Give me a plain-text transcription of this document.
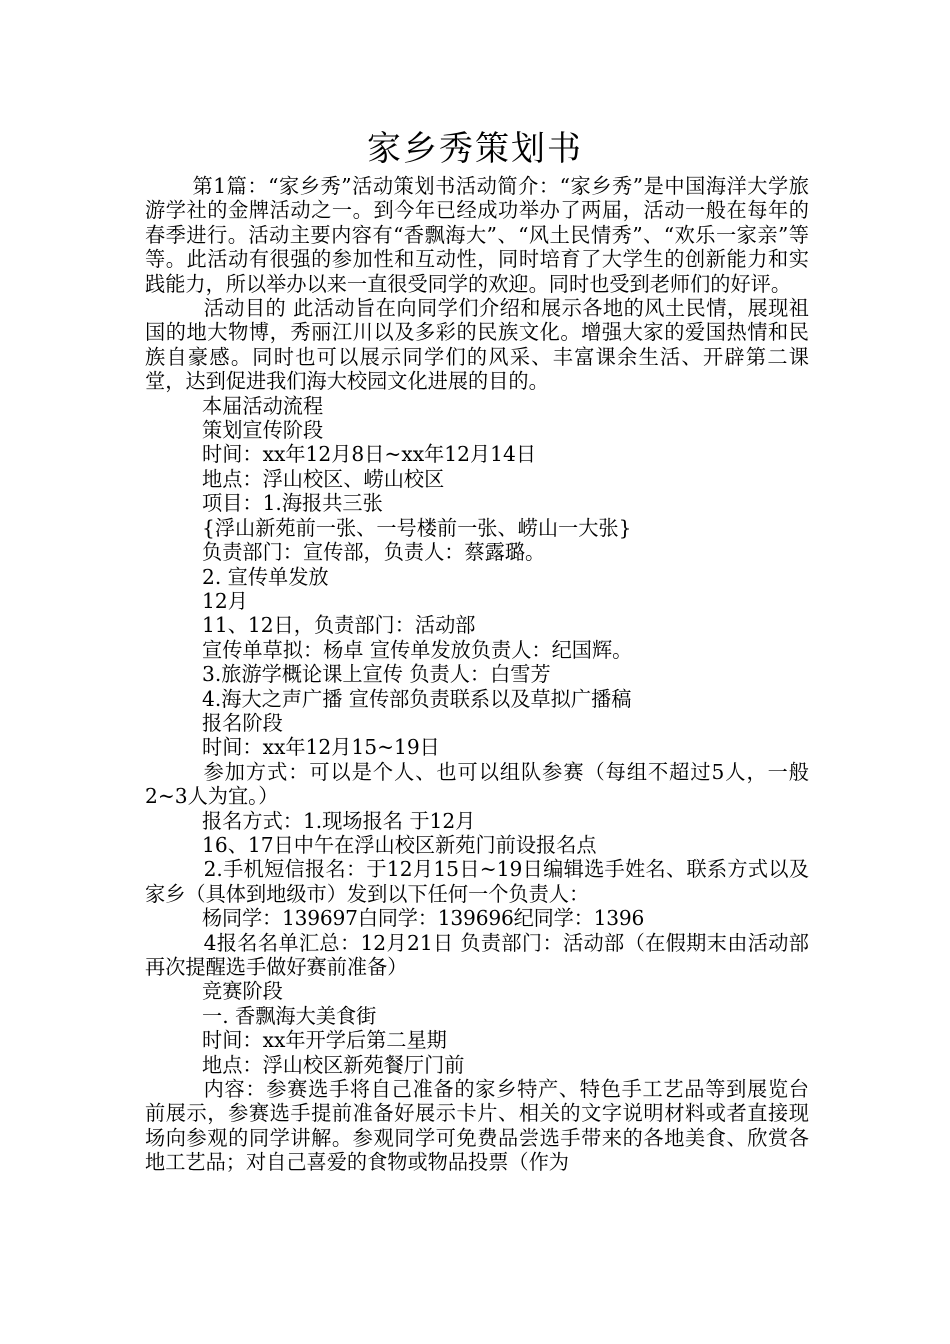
家乡秀策划书

第1篇：“家乡秀”活动策划书活动简介：“家乡秀”是中国海洋大学旅游学社的金牌活动之一。到今年已经成功举办了两届，活动一般在每年的春季进行。活动主要内容有“香飘海大”、“风土民情秀”、“欢乐一家亲”等等。此活动有很强的参加性和互动性，同时培育了大学生的创新能力和实践能力，所以举办以来一直很受同学的欢迎。同时也受到老师们的好评。

活动目的 此活动旨在向同学们介绍和展示各地的风土民情，展现祖国的地大物博，秀丽江川以及多彩的民族文化。增强大家的爱国热情和民族自豪感。同时也可以展示同学们的风采、丰富课余生活、开辟第二课堂，达到促进我们海大校园文化进展的目的。

本届活动流程

策划宣传阶段

时间：xx年12月8日~xx年12月14日

地点：浮山校区、崂山校区

项目：1.海报共三张

{浮山新苑前一张、一号楼前一张、崂山一大张}

负责部门：宣传部，负责人：蔡露璐。

2. 宣传单发放

12月

11、12日，负责部门：活动部

宣传单草拟：杨卓 宣传单发放负责人：纪国辉。

3.旅游学概论课上宣传 负责人：白雪芳

4.海大之声广播 宣传部负责联系以及草拟广播稿

报名阶段

时间：xx年12月15~19日

参加方式：可以是个人、也可以组队参赛（每组不超过5人，一般2~3人为宜。）

报名方式：1.现场报名 于12月

16、17日中午在浮山校区新苑门前设报名点

2.手机短信报名：于12月15日~19日编辑选手姓名、联系方式以及家乡（具体到地级市）发到以下任何一个负责人：

杨同学：139697白同学：139696纪同学：1396

4报名名单汇总：12月21日 负责部门：活动部（在假期末由活动部再次提醒选手做好赛前准备）

竞赛阶段

一. 香飘海大美食街

时间：xx年开学后第二星期

地点：浮山校区新苑餐厅门前

内容：参赛选手将自己准备的家乡特产、特色手工艺品等到展览台前展示，参赛选手提前准备好展示卡片、相关的文字说明材料或者直接现场向参观的同学讲解。参观同学可免费品尝选手带来的各地美食、欣赏各地工艺品；对自己喜爱的食物或物品投票（作为
